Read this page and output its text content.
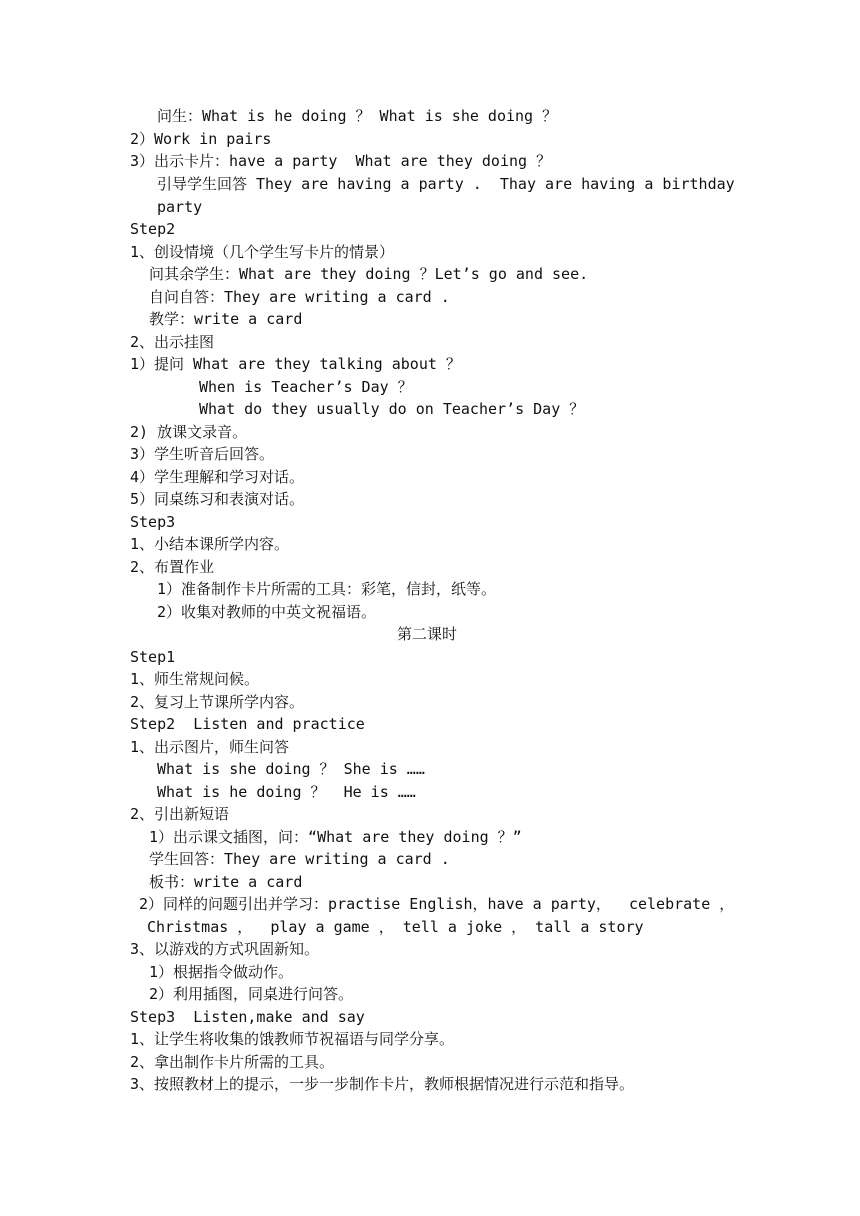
问生：What is he doing ？ What is she doing ？
2）Work in pairs
3）出示卡片：have a party  What are they doing ？
引导学生回答 They are having a party .  Thay are having a birthday
party
Step2
1、创设情境（几个学生写卡片的情景）
问其余学生：What are they doing ？Let’s go and see.
自问自答：They are writing a card .
教学：write a card
2、出示挂图
1）提问 What are they talking about ？
When is Teacher’s Day ？
What do they usually do on Teacher’s Day ？
2) 放课文录音。
3）学生听音后回答。
4）学生理解和学习对话。
5）同桌练习和表演对话。
Step3
1、小结本课所学内容。
2、布置作业
1）准备制作卡片所需的工具：彩笔，信封，纸等。
2）收集对教师的中英文祝福语。
第二课时
Step1
1、师生常规问候。
2、复习上节课所学内容。
Step2  Listen and practice
1、出示图片，师生问答
What is she doing ？ She is ……
What is he doing ？  He is ……
2、引出新短语
1）出示课文插图，问：“What are they doing ？”
学生回答：They are writing a card .
板书：write a card
2）同样的问题引出并学习：practise English，have a party，  celebrate ，
Christmas ，  play a game ， tell a joke ， tall a story
3、以游戏的方式巩固新知。
1）根据指令做动作。
2）利用插图，同桌进行问答。
Step3  Listen,make and say
1、让学生将收集的饿教师节祝福语与同学分享。
2、拿出制作卡片所需的工具。
3、按照教材上的提示，一步一步制作卡片，教师根据情况进行示范和指导。
